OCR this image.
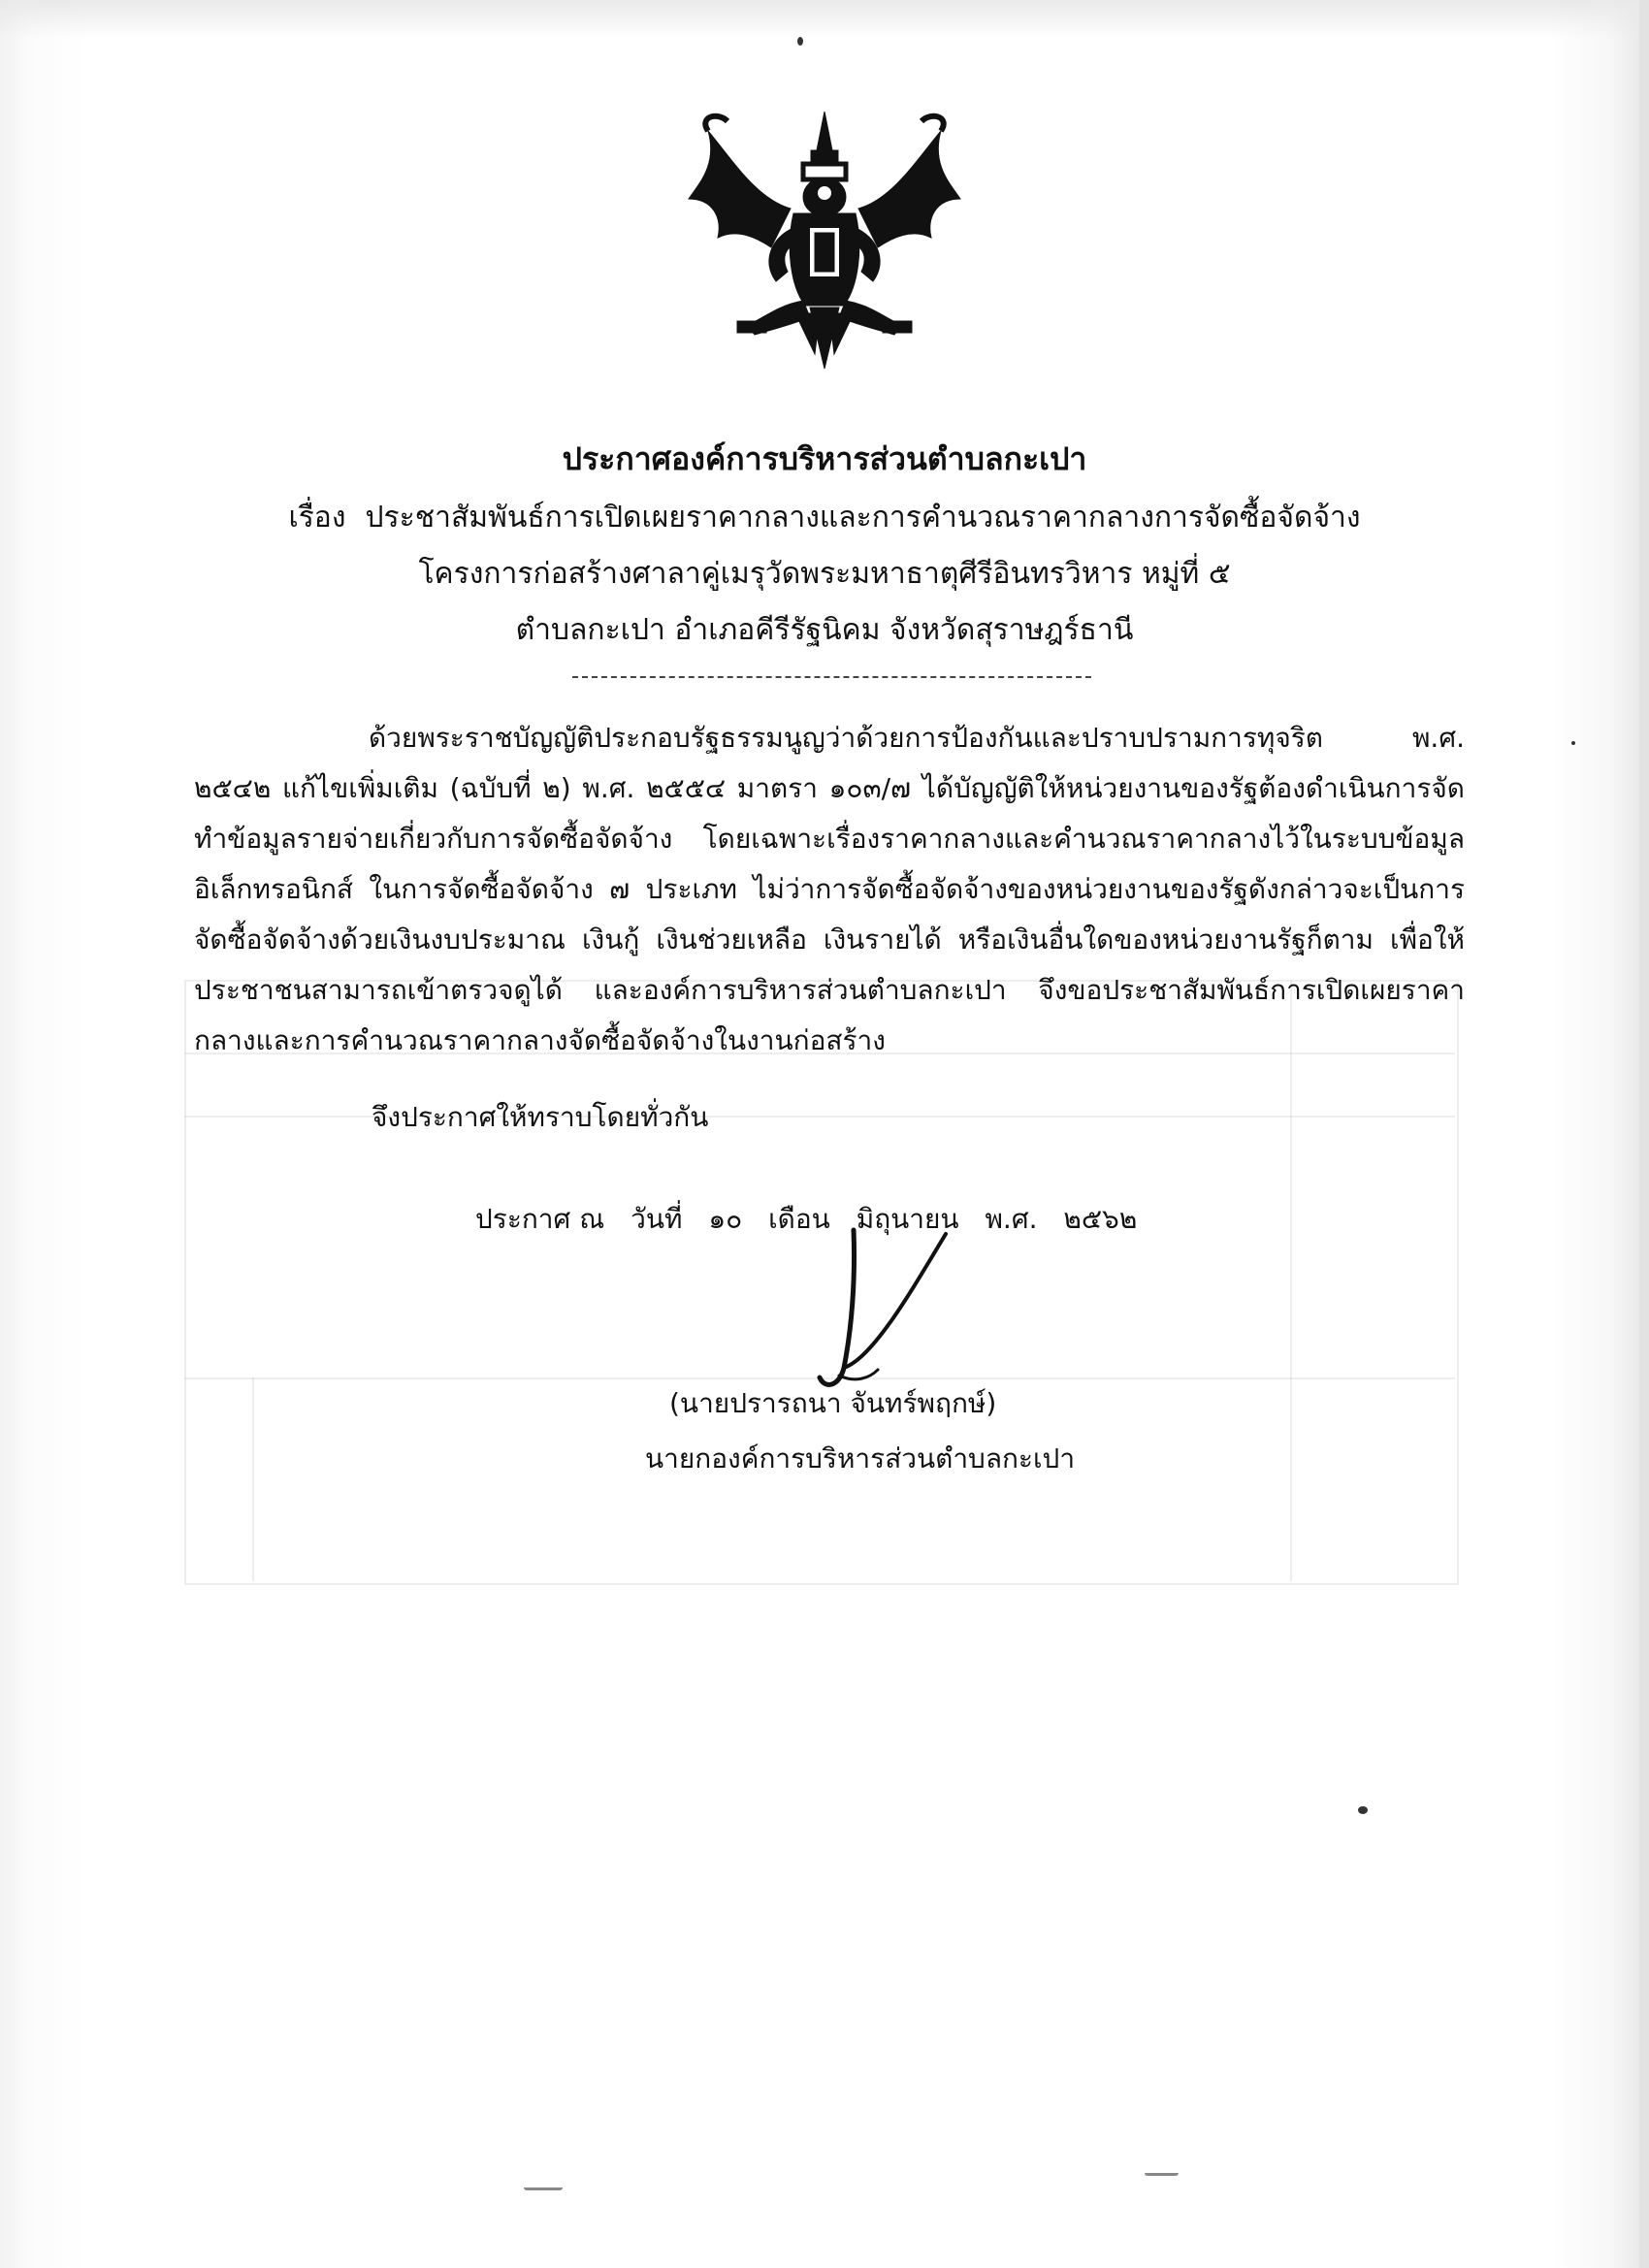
ประกาศองค์การบริหารส่วนตำบลกะเปา
เรื่อง ประชาสัมพันธ์การเปิดเผยราคากลางและการคำนวณราคากลางการจัดซื้อจัดจ้าง
โครงการก่อสร้างศาลาคู่เมรุวัดพระมหาธาตุศีรีอินทรวิหาร หมู่ที่ ๕
ตำบลกะเปา อำเภอคีรีรัฐนิคม จังหวัดสุราษฎร์ธานี
ด้วยพระราชบัญญัติประกอบรัฐธรรมนูญว่าด้วยการป้องกันและปราบปรามการทุจริต พ.ศ. ๒๕๔๒ แก้ไขเพิ่มเติม (ฉบับที่ ๒) พ.ศ. ๒๕๕๔ มาตรา ๑๐๓/๗ ได้บัญญัติให้หน่วยงานของรัฐต้องดำเนินการจัดทำข้อมูลรายจ่ายเกี่ยวกับการจัดซื้อจัดจ้าง โดยเฉพาะเรื่องราคากลางและคำนวณราคากลางไว้ในระบบข้อมูลอิเล็กทรอนิกส์ ในการจัดซื้อจัดจ้าง ๗ ประเภท ไม่ว่าการจัดซื้อจัดจ้างของหน่วยงานของรัฐดังกล่าวจะเป็นการ จัดซื้อจัดจ้างด้วยเงินงบประมาณ เงินกู้ เงินช่วยเหลือ เงินรายได้ หรือเงินอื่นใดของหน่วยงานรัฐก็ตาม เพื่อให้ประชาชนสามารถเข้าตรวจดูได้ และองค์การบริหารส่วนตำบลกะเปา จึงขอประชาสัมพันธ์การเปิดเผยราคากลางและการคำนวณราคากลางจัดซื้อจัดจ้างในงานก่อสร้าง
จึงประกาศให้ทราบโดยทั่วกัน
ประกาศ ณ วันที่ ๑๐ เดือน มิถุนายน พ.ศ. ๒๕๖๒
(นายปรารถนา จันทร์พฤกษ์)
นายกองค์การบริหารส่วนตำบลกะเปา
